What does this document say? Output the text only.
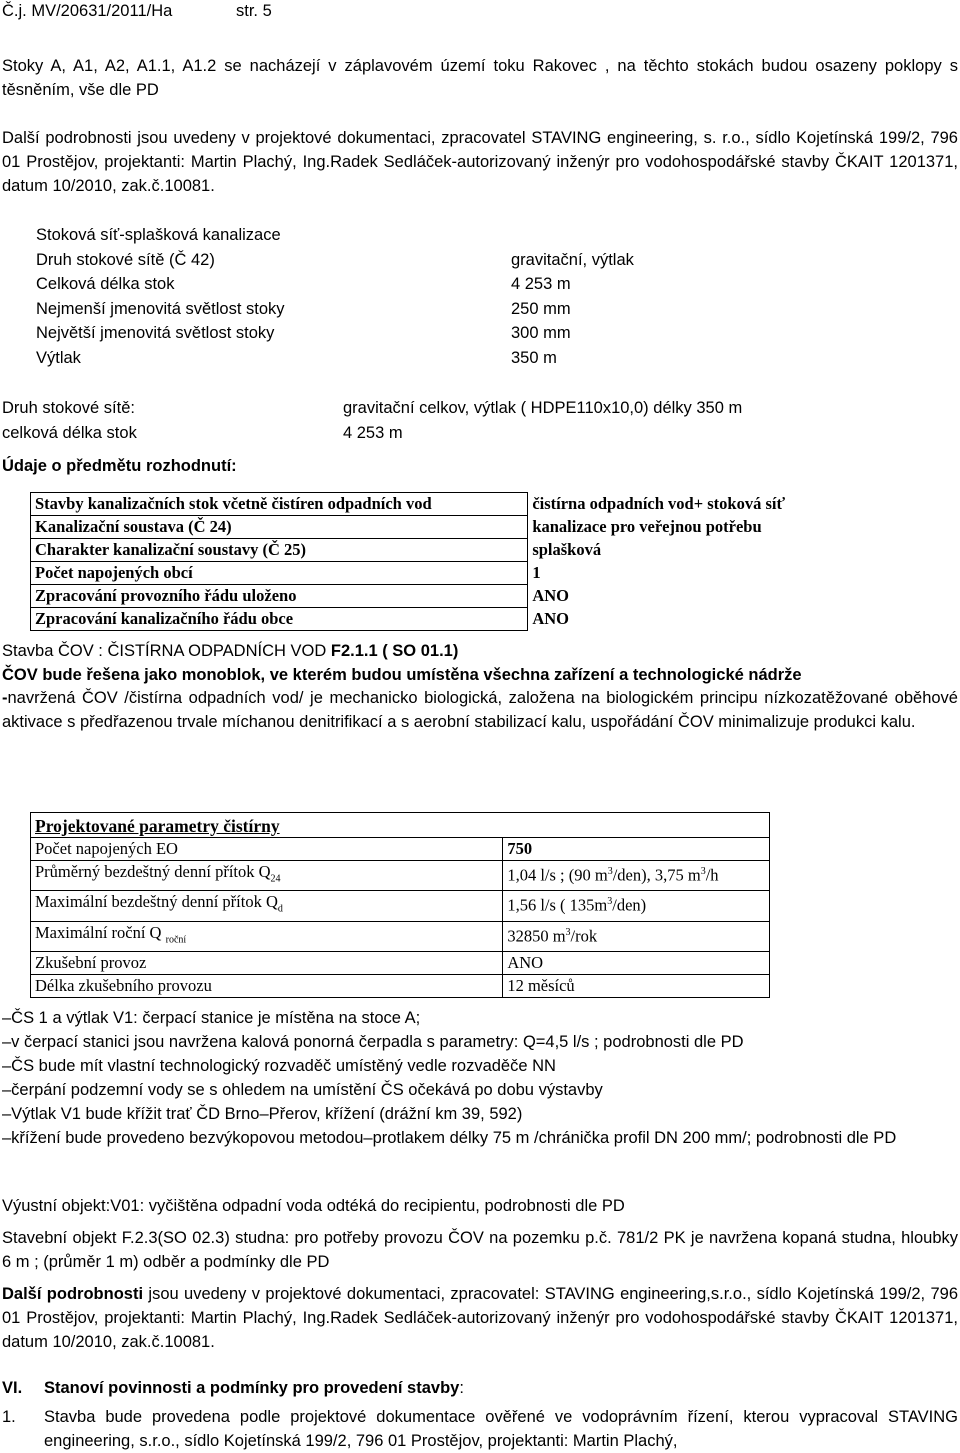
Č.j. MV/20631/2011/Ha	str. 5

Stoky A, A1, A2, A1.1, A1.2 se nacházejí v záplavovém území toku Rakovec , na těchto stokách budou osazeny poklopy s těsněním, vše dle PD

Další podrobnosti jsou uvedeny v projektové dokumentaci, zpracovatel STAVING engineering, s. r.o., sídlo Kojetínská 199/2, 796 01 Prostějov, projektanti: Martin Plachý, Ing.Radek Sedláček-autorizovaný inženýr pro vodohospodářské stavby ČKAIT 1201371, datum 10/2010, zak.č.10081.

Stoková síť-splašková kanalizace

Druh stokové sítě (Č 42)	gravitační, výtlak
Celková délka stok	4 253 m
Nejmenší jmenovitá světlost stoky	250 mm
Největší jmenovitá světlost stoky	300 mm
Výtlak	350 m
Druh stokové sítě:	gravitační celkov, výtlak ( HDPE110x10,0) délky 350 m
celková délka stok	4 253 m

Údaje o předmětu rozhodnutí:

Stavby kanalizačních stok včetně čistíren odpadních vod	čistírna odpadních vod+ stoková síť
Kanalizační soustava (Č 24)	kanalizace pro veřejnou potřebu
Charakter kanalizační soustavy (Č 25)	splašková
Počet napojených obcí	1
Zpracování provozního řádu uloženo	ANO
Zpracování kanalizačního řádu obce	ANO

Stavba ČOV : ČISTÍRNA ODPADNÍCH VOD F2.1.1 ( SO 01.1)

ČOV bude řešena jako monoblok, ve kterém budou umístěna všechna zařízení a technologické nádrže

-navržená ČOV /čistírna odpadních vod/ je mechanicko biologická, založena na biologickém principu nízkozatěžované oběhové aktivace s předřazenou trvale míchanou denitrifikací a s aerobní stabilizací kalu, uspořádání ČOV minimalizuje produkci kalu.

Projektované parametry čistírny	
Počet napojených EO	750
Průměrný bezdeštný denní přítok $Q_{24}$	1,04 l/s ; (90 $m^3/den$), 3,75 $m^3/h$
Maximální bezdeštný denní přítok $Q_d$	1,56 l/s ( $135m^3/den$)
Maximální roční Q $_{roční}$	32850 $m^3$/rok
Zkušební provoz	ANO
Délka zkušebního provozu	12 měsíců

–ČS 1 a výtlak V1: čerpací stanice je místěna na stoce A;

–v čerpací stanici jsou navržena kalová ponorná čerpadla s parametry: Q=4,5 l/s ; podrobnosti dle PD

–ČS bude mít vlastní technologický rozvaděč umístěný vedle rozvaděče NN

–čerpání podzemní vody se s ohledem na umístění ČS očekává po dobu výstavby

–Výtlak V1 bude křížit trať ČD Brno–Přerov, křížení (drážní km 39, 592)

–křížení bude provedeno bezvýkopovou metodou–protlakem délky 75 m /chránička profil DN 200 mm/; podrobnosti dle PD

Výustní objekt:V01: vyčištěna odpadní voda odtéká do recipientu, podrobnosti dle PD

Stavební objekt F.2.3(SO 02.3) studna: pro potřeby provozu ČOV na pozemku p.č. 781/2 PK je navržena kopaná studna, hloubky 6 m ; (průměr 1 m) odběr a podmínky dle PD

Další podrobnosti jsou uvedeny v projektové dokumentaci, zpracovatel: STAVING engineering,s.r.o., sídlo Kojetínská 199/2, 796 01 Prostějov, projektanti: Martin Plachý, Ing.Radek Sedláček-autorizovaný inženýr pro vodohospodářské stavby ČKAIT 1201371, datum 10/2010, zak.č.10081.

VI.	Stanoví povinnosti a podmínky pro provedení stavby:
1.	Stavba bude provedena podle projektové dokumentace ověřené ve vodoprávním řízení, kterou vypracoval STAVING engineering, s.r.o., sídlo Kojetínská 199/2, 796 01 Prostějov, projektanti: Martin Plachý,
